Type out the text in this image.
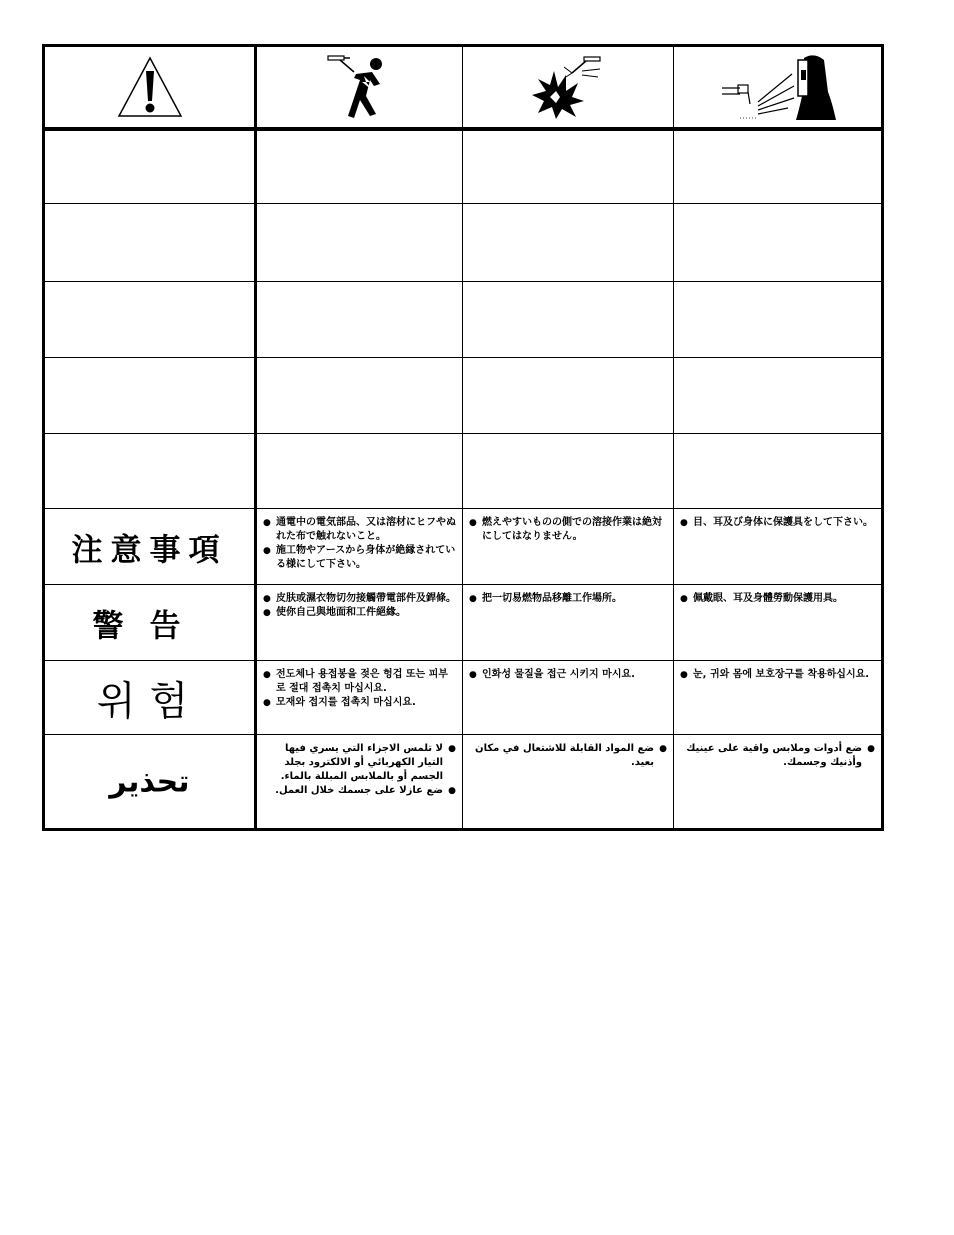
注意事項
● 通電中の電気部品、又は溶材にヒフやぬれた布で触れないこと。
● 施工物やアースから身体が絶縁されている様にして下さい。
● 燃えやすいものの側での溶接作業は絶対にしてはなりません。
● 目、耳及び身体に保護具をして下さい。
警告
● 皮肤或濕衣物切勿接觸帶電部件及銲條。
● 使你自己與地面和工件絕緣。
● 把一切易燃物品移離工作場所。	● 佩戴眼、耳及身體勞動保護用具。
위험
● 전도체나 용접봉을 젖은 헝겁 또는 피부로 절대 접촉치 마십시요.
● 모재와 접지를 접촉치 마십시요.
● 인화성 물질을 접근 시키지 마시요.	● 눈, 귀와 몸에 보호장구를 착용하십시요.
تحذير
● لا تلمس الاجزاء التي يسري فيها التيار الكهربائي أو الالكترود بجلد الجسم أو بالملابس المبللة بالماء.
● ضع عازلا على جسمك خلال العمل.
● ضع المواد القابلة للاشتعال في مكان بعيد.
● ضع أدوات وملابس واقية على عينيك وأذنيك وجسمك.
